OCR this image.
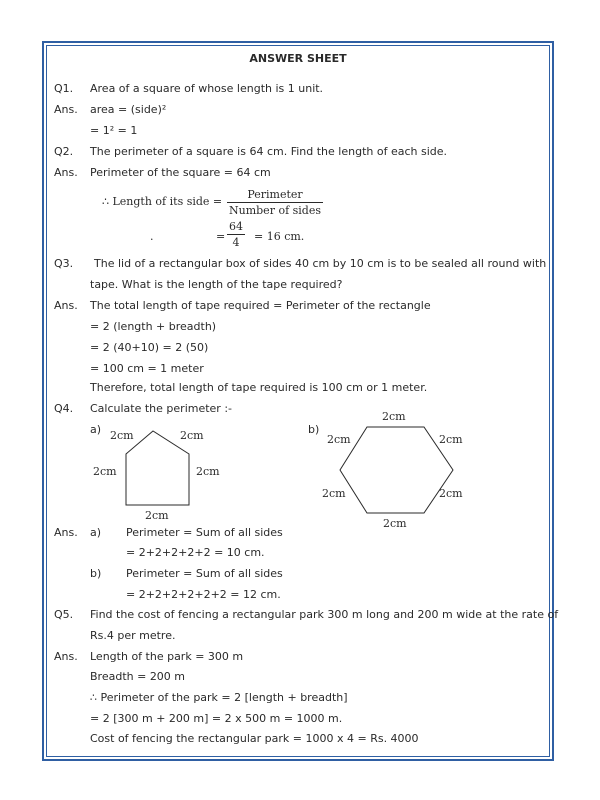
ANSWER SHEET
Q1. Area of a square of whose length is 1 unit.
Ans. area = (side)²
= 1² = 1
Q2. The perimeter of a square is 64 cm. Find the length of each side.
Ans. Perimeter of the square = 64 cm
∴ Length of its side =
Perimeter
Number of sides
.	=
64
4	= 16 cm.
Q3. The lid of a rectangular box of sides 40 cm by 10 cm is to be sealed all round with
tape. What is the length of the tape required?
Ans. The total length of tape required = Perimeter of the rectangle
= 2 (length + breadth)
= 2 (40+10) = 2 (50)
= 100 cm = 1 meter
Therefore, total length of tape required is 100 cm or 1 meter.
Q4. Calculate the perimeter :-
a) 2cm	2cm
2cm	2cm
2cm
b)
2cm
2cm	2cm
2cm	2cm
2cm
Ans. a) Perimeter = Sum of all sides
= 2+2+2+2+2 = 10 cm.
b) Perimeter = Sum of all sides
= 2+2+2+2+2+2 = 12 cm.
Q5. Find the cost of fencing a rectangular park 300 m long and 200 m wide at the rate of
Rs.4 per metre.
Ans. Length of the park = 300 m
Breadth = 200 m
∴ Perimeter of the park = 2 [length + breadth]
= 2 [300 m + 200 m] = 2 x 500 m = 1000 m.
Cost of fencing the rectangular park = 1000 x 4 = Rs. 4000
